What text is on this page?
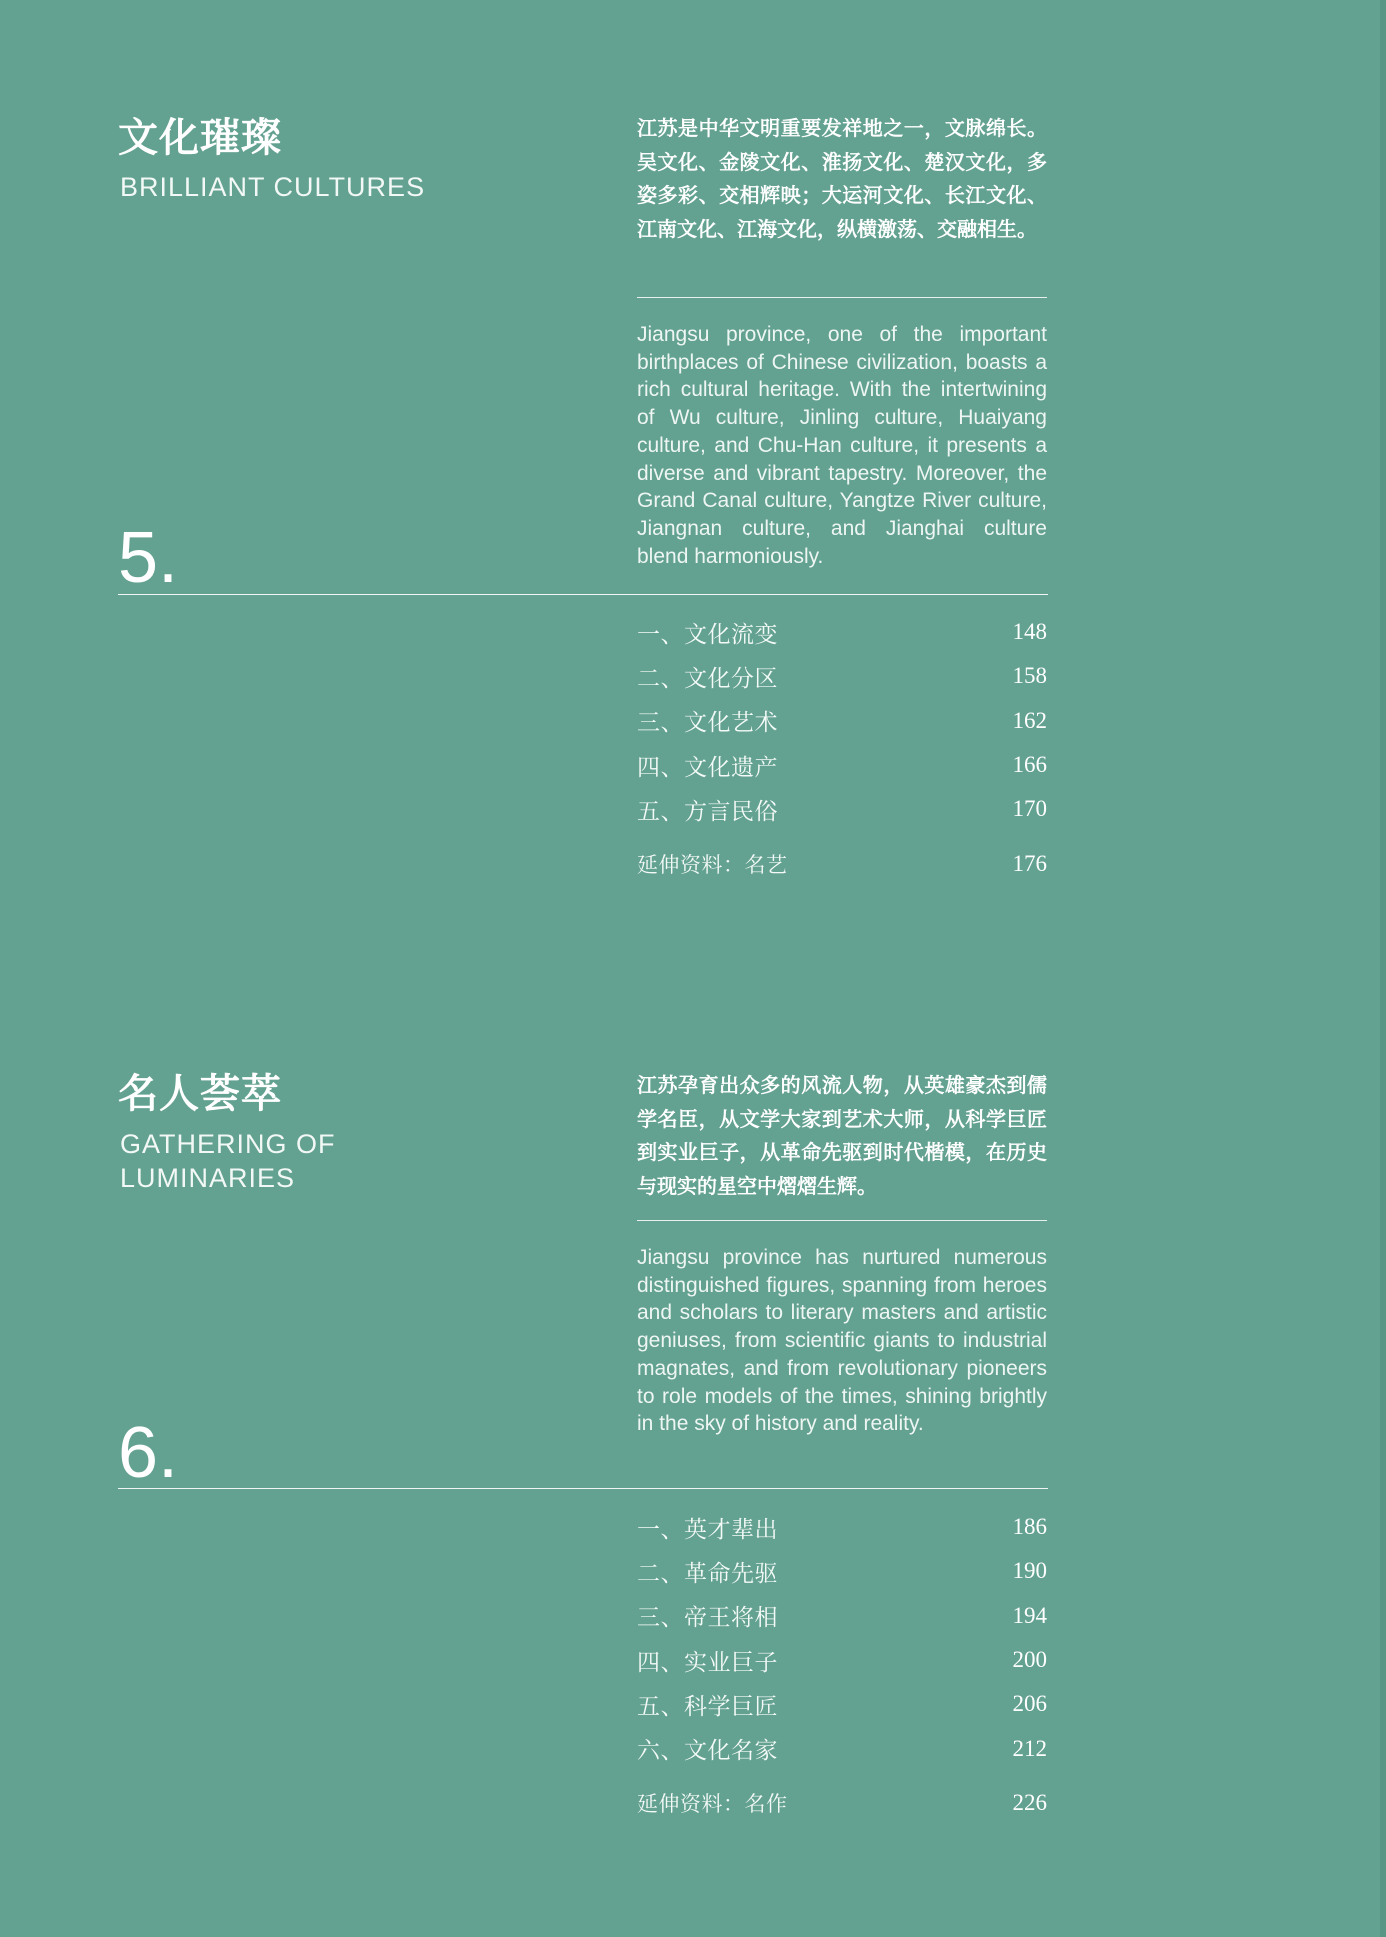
文化璀璨
BRILLIANT CULTURES

江苏是中华文明重要发祥地之一，文脉绵长。吴文化、金陵文化、淮扬文化、楚汉文化，多姿多彩、交相辉映；大运河文化、长江文化、江南文化、江海文化，纵横激荡、交融相生。

Jiangsu province, one of the important birthplaces of Chinese civilization, boasts a rich cultural heritage. With the intertwining of Wu culture, Jinling culture, Huaiyang culture, and Chu-Han culture, it presents a diverse and vibrant tapestry. Moreover, the Grand Canal culture, Yangtze River culture, Jiangnan culture, and Jianghai culture blend harmoniously.

5.
一、文化流变	148
二、文化分区	158
三、文化艺术	162
四、文化遗产	166
五、方言民俗	170
延伸资料：名艺	176
名人荟萃
GATHERING OF LUMINARIES

江苏孕育出众多的风流人物，从英雄豪杰到儒学名臣，从文学大家到艺术大师，从科学巨匠到实业巨子，从革命先驱到时代楷模，在历史与现实的星空中熠熠生辉。

Jiangsu province has nurtured numerous distinguished figures, spanning from heroes and scholars to literary masters and artistic geniuses, from scientific giants to industrial magnates, and from revolutionary pioneers to role models of the times, shining brightly in the sky of history and reality.

6.
一、英才辈出	186
二、革命先驱	190
三、帝王将相	194
四、实业巨子	200
五、科学巨匠	206
六、文化名家	212
延伸资料：名作	226
